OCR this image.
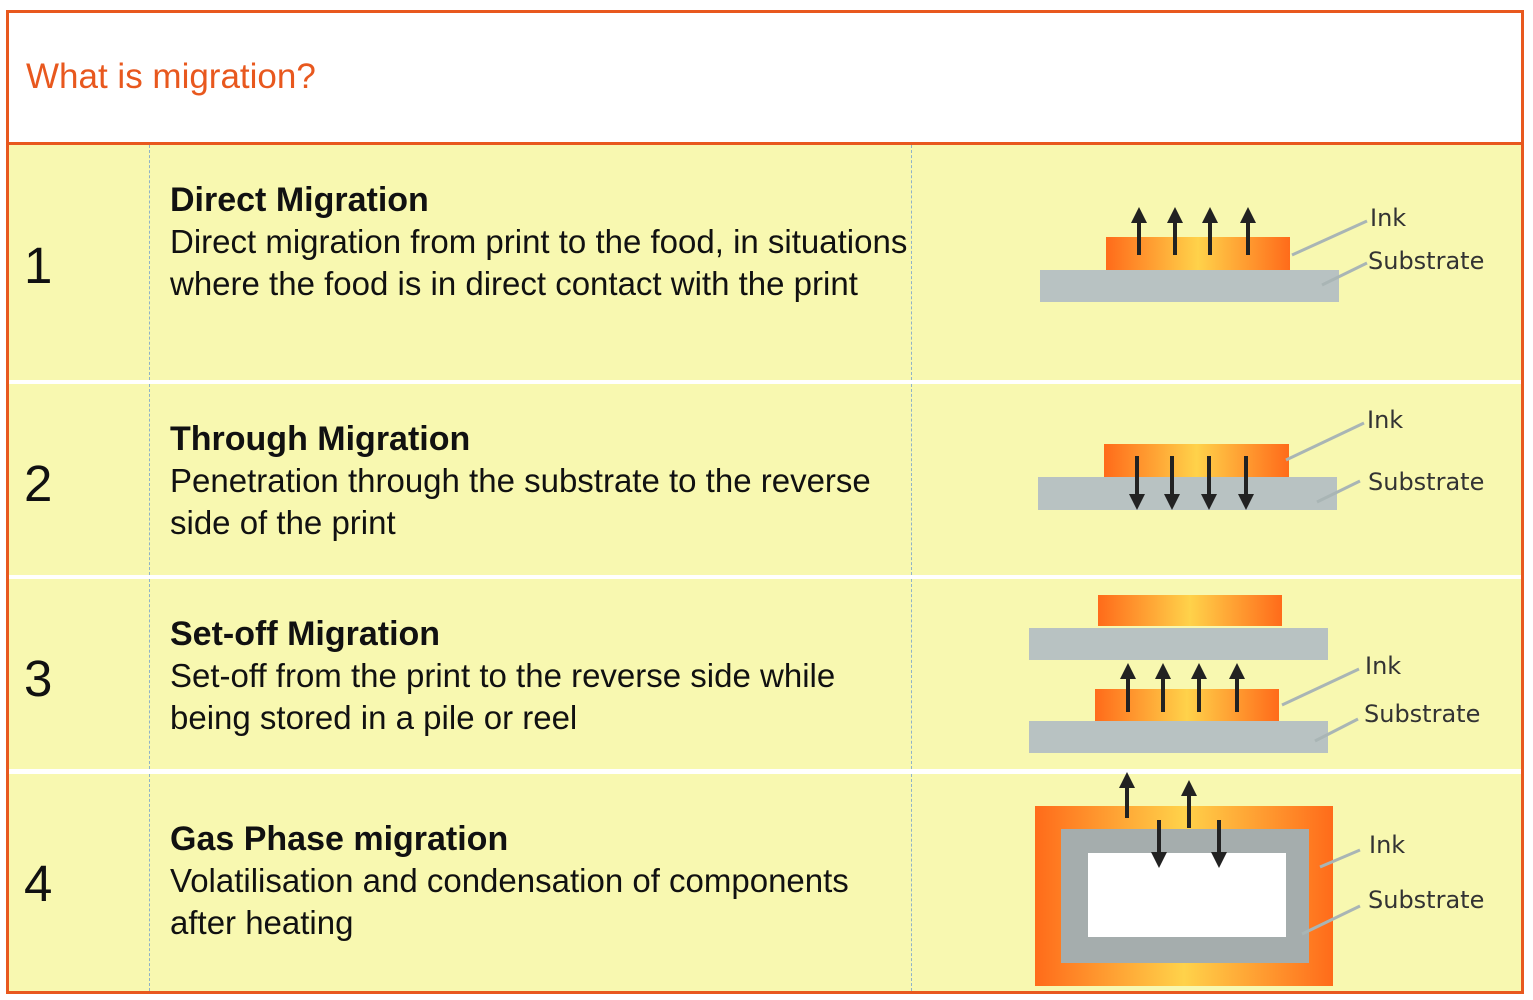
What is migration?
1
Direct Migration
Direct migration from print to the food, in situations where the food is in direct contact with the print
Ink
Substrate
2
Through Migration
Penetration through the substrate to the reverse side of the print
Ink
Substrate
3
Set-off Migration
Set-off from the print to the reverse side while being stored in a pile or reel
Ink
Substrate
4
Gas Phase migration
Volatilisation and condensation of components after heating
Ink
Substrate
